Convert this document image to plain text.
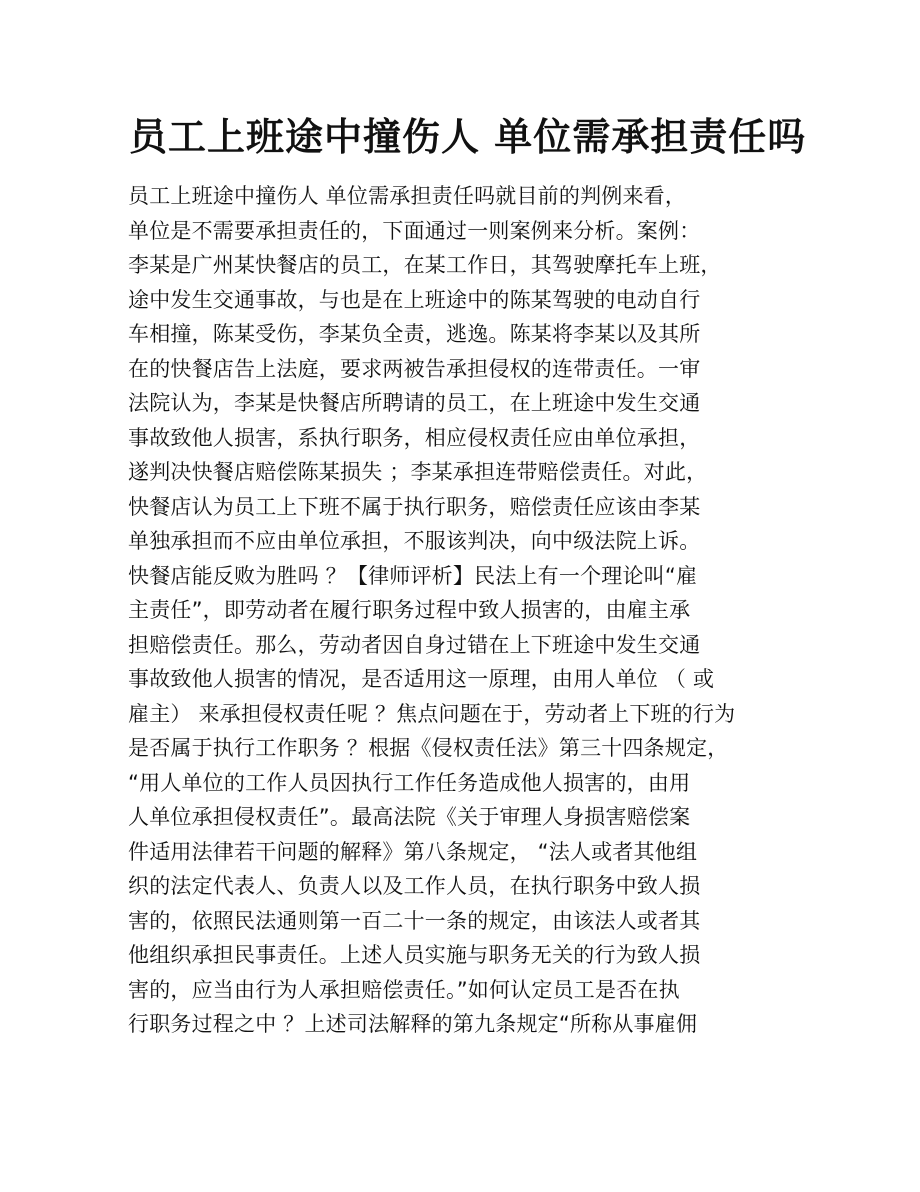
员工上班途中撞伤人 单位需承担责任吗
员工上班途中撞伤人 单位需承担责任吗就目前的判例来看，
单位是不需要承担责任的，下面通过一则案例来分析。案例：
李某是广州某快餐店的员工，在某工作日，其驾驶摩托车上班，
途中发生交通事故，与也是在上班途中的陈某驾驶的电动自行
车相撞，陈某受伤，李某负全责，逃逸。陈某将李某以及其所
在的快餐店告上法庭，要求两被告承担侵权的连带责任。一审
法院认为，李某是快餐店所聘请的员工，在上班途中发生交通
事故致他人损害，系执行职务，相应侵权责任应由单位承担，
遂判决快餐店赔偿陈某损失 ；李某承担连带赔偿责任。对此，
快餐店认为员工上下班不属于执行职务，赔偿责任应该由李某
单独承担而不应由单位承担，不服该判决，向中级法院上诉。
快餐店能反败为胜吗 ？【律师评析】民法上有一个理论叫“雇
主责任”，即劳动者在履行职务过程中致人损害的，由雇主承
担赔偿责任。那么，劳动者因自身过错在上下班途中发生交通
事故致他人损害的情况，是否适用这一原理，由用人单位 （ 或
雇主） 来承担侵权责任呢 ？焦点问题在于，劳动者上下班的行为
是否属于执行工作职务 ？根据《侵权责任法》第三十四条规定，
“用人单位的工作人员因执行工作任务造成他人损害的，由用
人单位承担侵权责任”。最高法院《关于审理人身损害赔偿案
件适用法律若干问题的解释》第八条规定， “法人或者其他组
织的法定代表人、负责人以及工作人员，在执行职务中致人损
害的，依照民法通则第一百二十一条的规定，由该法人或者其
他组织承担民事责任。上述人员实施与职务无关的行为致人损
害的，应当由行为人承担赔偿责任。”如何认定员工是否在执
行职务过程之中 ？上述司法解释的第九条规定“所称从事雇佣
